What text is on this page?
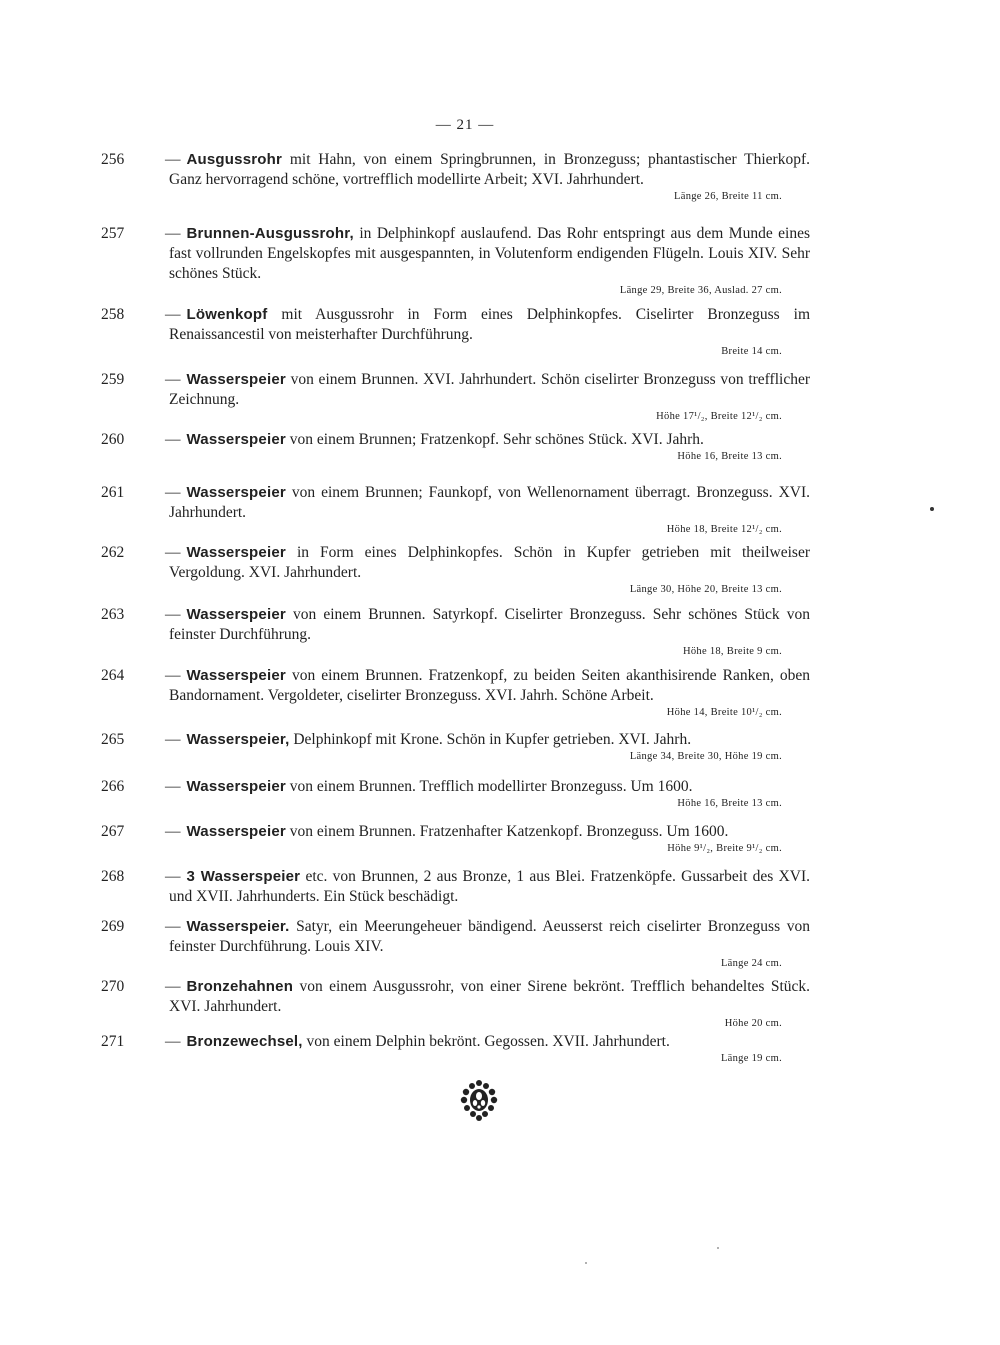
— 21 —
256	— Ausgussrohr mit Hahn, von einem Springbrunnen, in Bronzeguss; phantastischer Thierkopf. Ganz hervorragend schöne, vortrefflich modellirte Arbeit; XVI. Jahrhundert.
Länge 26, Breite 11 cm.
257	— Brunnen-Ausgussrohr, in Delphinkopf auslaufend. Das Rohr entspringt aus dem Munde eines fast vollrunden Engelskopfes mit ausgespannten, in Volutenform endigenden Flügeln. Louis XIV. Sehr schönes Stück.
Länge 29, Breite 36, Auslad. 27 cm.
258	— Löwenkopf mit Ausgussrohr in Form eines Delphinkopfes. Ciselirter Bronzeguss im Renaissancestil von meisterhafter Durchführung.
Breite 14 cm.
259	— Wasserspeier von einem Brunnen. XVI. Jahrhundert. Schön ciselirter Bronzeguss von trefflicher Zeichnung.
Höhe 17¹/₂, Breite 12¹/₂ cm.
260	— Wasserspeier von einem Brunnen; Fratzenkopf. Sehr schönes Stück. XVI. Jahrh.
Höhe 16, Breite 13 cm.
261	— Wasserspeier von einem Brunnen; Faunkopf, von Wellenornament überragt. Bronzeguss. XVI. Jahrhundert.
Höhe 18, Breite 12¹/₂ cm.
262	— Wasserspeier in Form eines Delphinkopfes. Schön in Kupfer getrieben mit theilweiser Vergoldung. XVI. Jahrhundert.
Länge 30, Höhe 20, Breite 13 cm.
263	— Wasserspeier von einem Brunnen. Satyrkopf. Ciselirter Bronzeguss. Sehr schönes Stück von feinster Durchführung.
Höhe 18, Breite 9 cm.
264	— Wasserspeier von einem Brunnen. Fratzenkopf, zu beiden Seiten akanthisirende Ranken, oben Bandornament. Vergoldeter, ciselirter Bronzeguss. XVI. Jahrh. Schöne Arbeit.
Höhe 14, Breite 10¹/₂ cm.
265	— Wasserspeier, Delphinkopf mit Krone. Schön in Kupfer getrieben. XVI. Jahrh.
Länge 34, Breite 30, Höhe 19 cm.
266	— Wasserspeier von einem Brunnen. Trefflich modellirter Bronzeguss. Um 1600.
Höhe 16, Breite 13 cm.
267	— Wasserspeier von einem Brunnen. Fratzenhafter Katzenkopf. Bronzeguss. Um 1600.
Höhe 9¹/₂, Breite 9¹/₂ cm.
268	— 3 Wasserspeier etc. von Brunnen, 2 aus Bronze, 1 aus Blei. Fratzenköpfe. Gussarbeit des XVI. und XVII. Jahrhunderts. Ein Stück beschädigt.
269	— Wasserspeier. Satyr, ein Meerungeheuer bändigend. Aeusserst reich ciselirter Bronzeguss von feinster Durchführung. Louis XIV.
Länge 24 cm.
270	— Bronzehahnen von einem Ausgussrohr, von einer Sirene bekrönt. Trefflich behandeltes Stück. XVI. Jahrhundert.
Höhe 20 cm.
271	— Bronzewechsel, von einem Delphin bekrönt. Gegossen. XVII. Jahrhundert.
Länge 19 cm.
